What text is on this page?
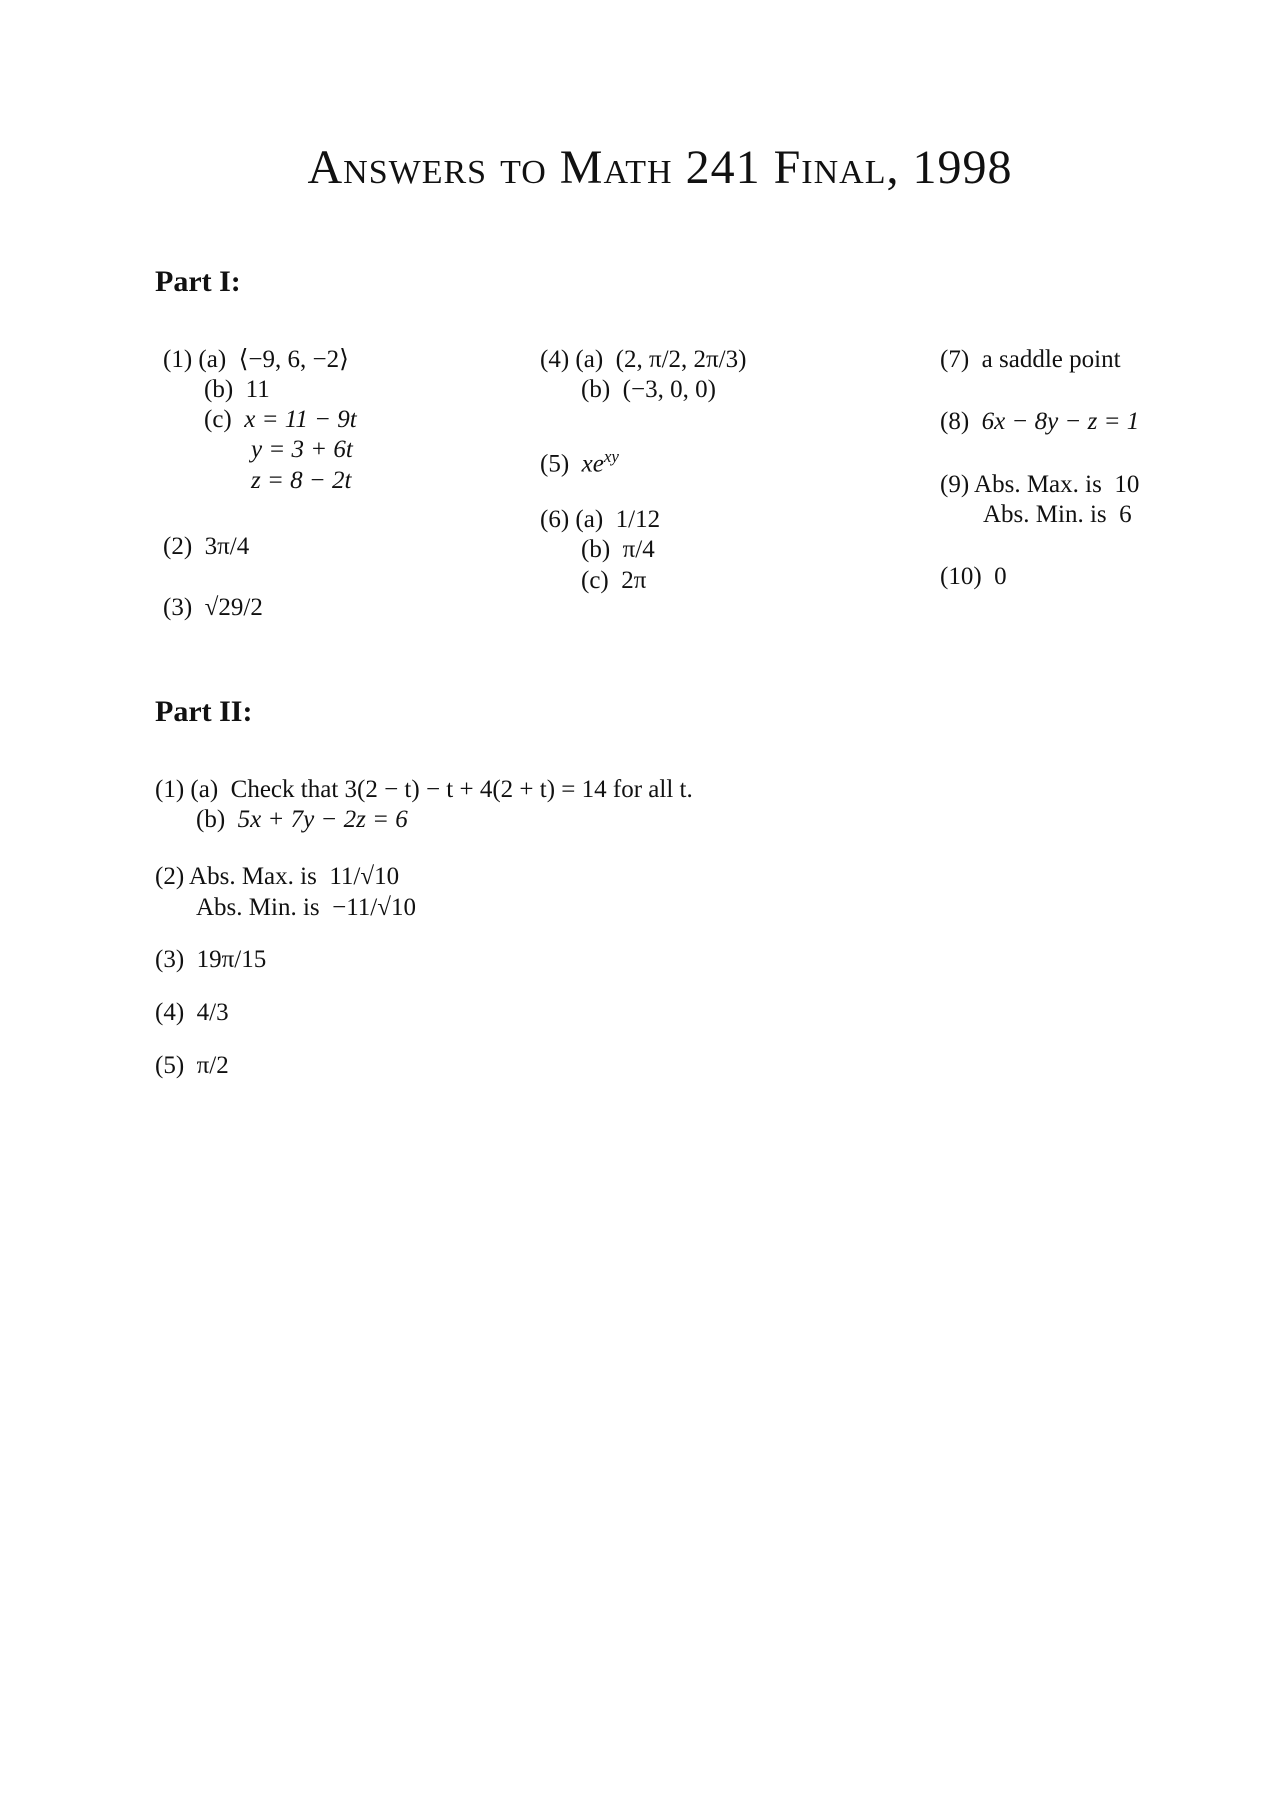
Answers to Math 241 Final, 1998
Part I:
(1) (a) ⟨−9, 6, −2⟩
(b) 11
(c) x = 11 − 9t
y = 3 + 6t
z = 8 − 2t
(2) 3π/4
(3) √29/2
(4) (a) (2, π/2, 2π/3)
(b) (−3, 0, 0)
(5) $xe^{xy}$
(6) (a) 1/12
(b) π/4
(c) 2π
(7) a saddle point
(8) 6x − 8y − z = 1
(9) Abs. Max. is  10
Abs. Min. is  6
(10) 0
Part II:
(1) (a) Check that 3(2 − t) − t + 4(2 + t) = 14 for all t.
(b) 5x + 7y − 2z = 6
(2) Abs. Max. is  11/√10
Abs. Min. is  −11/√10
(3) 19π/15
(4) 4/3
(5) π/2
